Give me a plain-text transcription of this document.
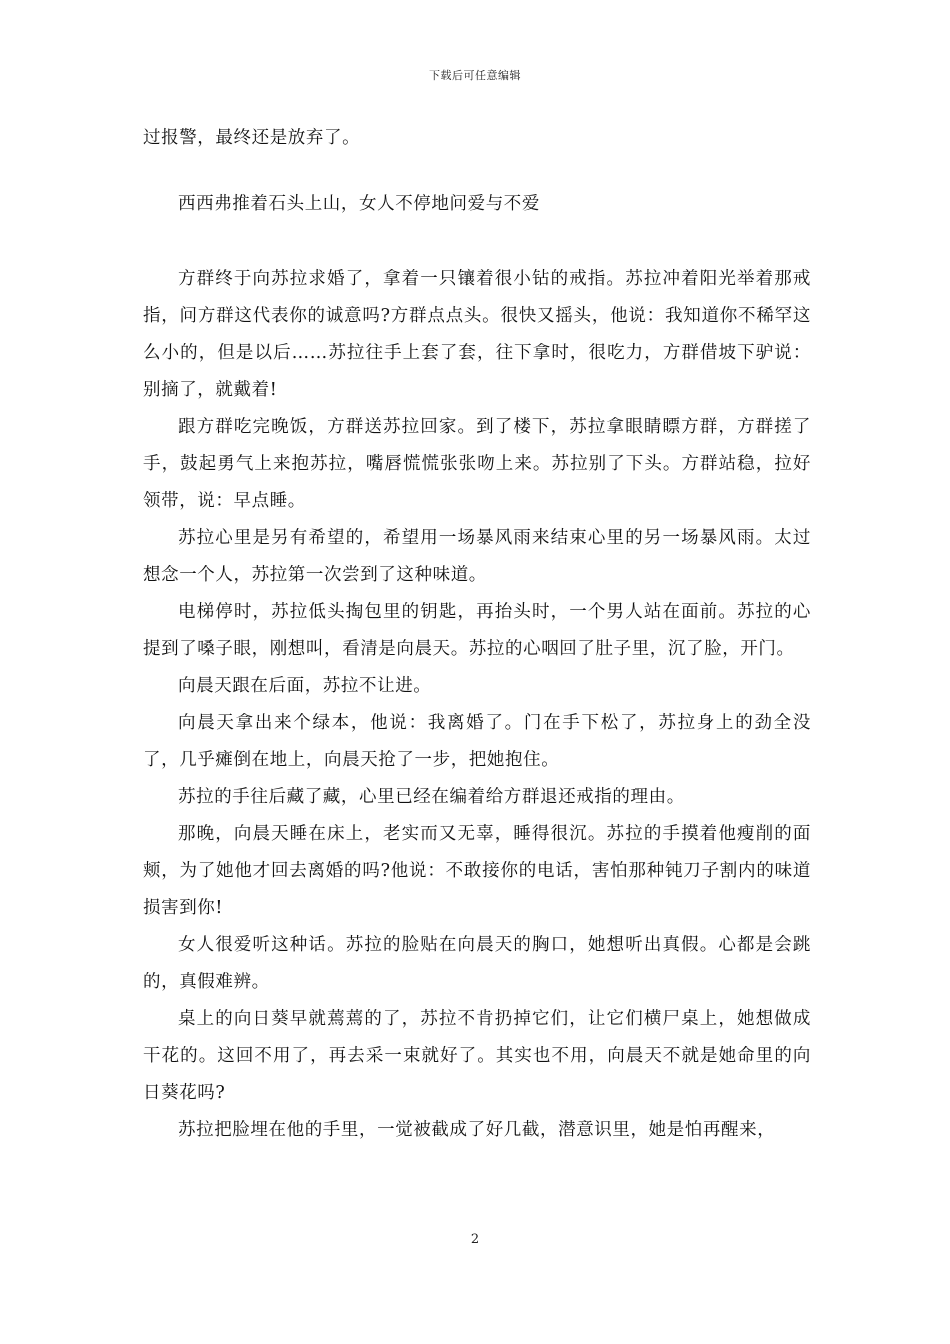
下载后可任意编辑

过报警，最终还是放弃了。

西西弗推着石头上山，女人不停地问爱与不爱

方群终于向苏拉求婚了，拿着一只镶着很小钻的戒指。苏拉冲着阳光举着那戒指，问方群这代表你的诚意吗?方群点点头。很快又摇头，他说：我知道你不稀罕这么小的，但是以后……苏拉往手上套了套，往下拿时，很吃力，方群借坡下驴说：别摘了，就戴着!

跟方群吃完晚饭，方群送苏拉回家。到了楼下，苏拉拿眼睛瞟方群，方群搓了手，鼓起勇气上来抱苏拉，嘴唇慌慌张张吻上来。苏拉别了下头。方群站稳，拉好领带，说：早点睡。

苏拉心里是另有希望的，希望用一场暴风雨来结束心里的另一场暴风雨。太过想念一个人，苏拉第一次尝到了这种味道。

电梯停时，苏拉低头掏包里的钥匙，再抬头时，一个男人站在面前。苏拉的心提到了嗓子眼，刚想叫，看清是向晨天。苏拉的心咽回了肚子里，沉了脸，开门。

向晨天跟在后面，苏拉不让进。

向晨天拿出来个绿本，他说：我离婚了。门在手下松了，苏拉身上的劲全没了，几乎瘫倒在地上，向晨天抢了一步，把她抱住。

苏拉的手往后藏了藏，心里已经在编着给方群退还戒指的理由。

那晚，向晨天睡在床上，老实而又无辜，睡得很沉。苏拉的手摸着他瘦削的面颊，为了她他才回去离婚的吗?他说：不敢接你的电话，害怕那种钝刀子割内的味道损害到你!

女人很爱听这种话。苏拉的脸贴在向晨天的胸口，她想听出真假。心都是会跳的，真假难辨。

桌上的向日葵早就蔫蔫的了，苏拉不肯扔掉它们，让它们横尸桌上，她想做成干花的。这回不用了，再去采一束就好了。其实也不用，向晨天不就是她命里的向日葵花吗?

苏拉把脸埋在他的手里，一觉被截成了好几截，潜意识里，她是怕再醒来，

2
